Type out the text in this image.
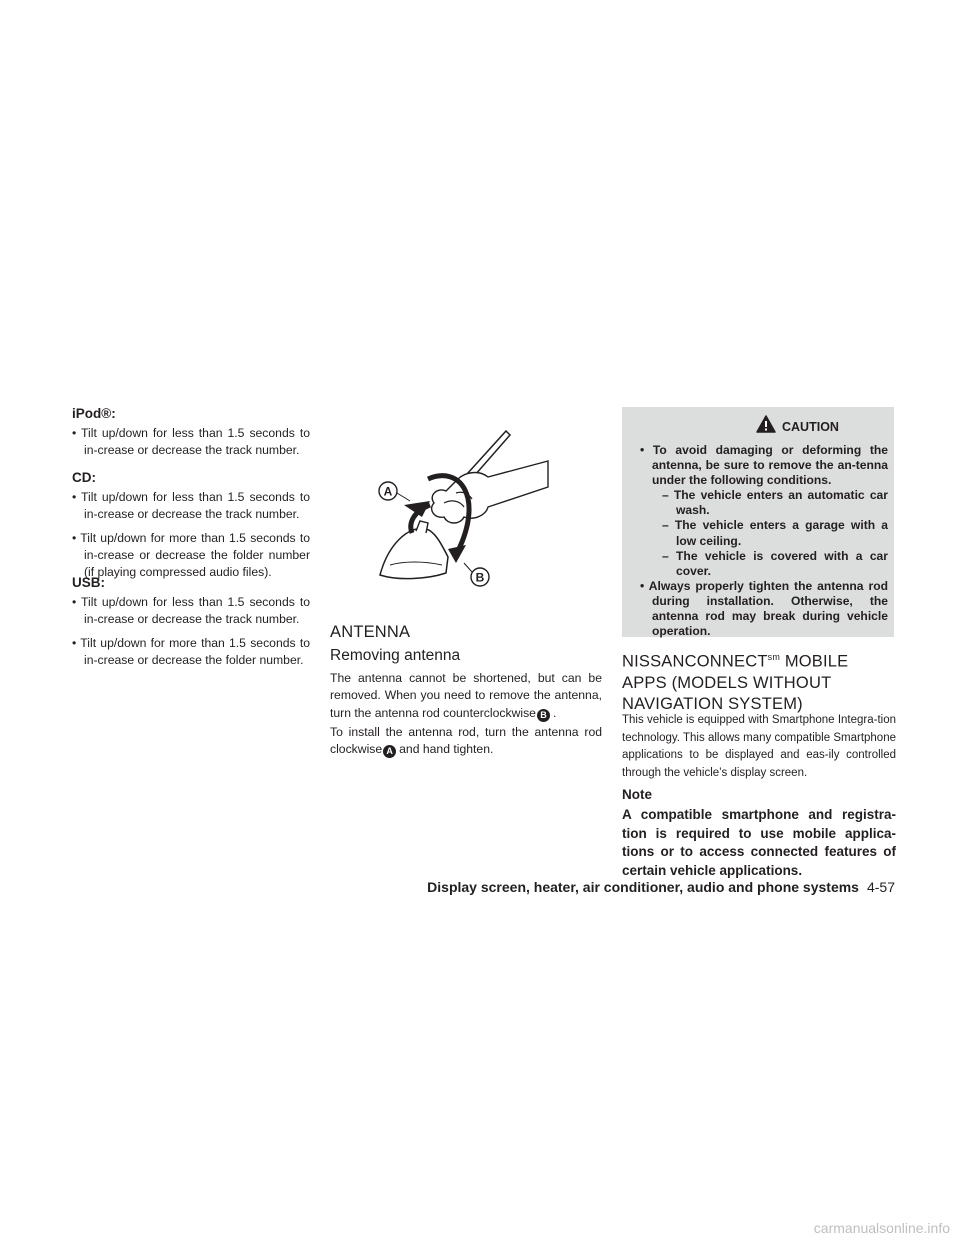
iPod®:
• Tilt up/down for less than 1.5 seconds to in-crease or decrease the track number.
CD:
• Tilt up/down for less than 1.5 seconds to in-crease or decrease the track number.
• Tilt up/down for more than 1.5 seconds to in-crease or decrease the folder number (if playing compressed audio files).
USB:
• Tilt up/down for less than 1.5 seconds to in-crease or decrease the track number.
• Tilt up/down for more than 1.5 seconds to in-crease or decrease the folder number.
A
B
ANTENNA
Removing antenna

The antenna cannot be shortened, but can be removed. When you need to remove the antenna, turn the antenna rod counterclockwise B .

To install the antenna rod, turn the antenna rod clockwise A and hand tighten.

CAUTION
• To avoid damaging or deforming the antenna, be sure to remove the an-tenna under the following conditions.
– The vehicle enters an automatic car wash.
– The vehicle enters a garage with a low ceiling.
– The vehicle is covered with a car cover.
• Always properly tighten the antenna rod during installation. Otherwise, the antenna rod may break during vehicle operation.
$NISSANCONNECT^{sm}$ MOBILE APPS (MODELS WITHOUT NAVIGATION SYSTEM)

This vehicle is equipped with Smartphone Integra-tion technology. This allows many compatible Smartphone applications to be displayed and eas-ily controlled through the vehicle’s display screen.

Note

A compatible smartphone and registra-tion is required to use mobile applica-tions or to access connected features of certain vehicle applications.

Display screen, heater, air conditioner, audio and phone systems 4-57
carmanualsonline.info
